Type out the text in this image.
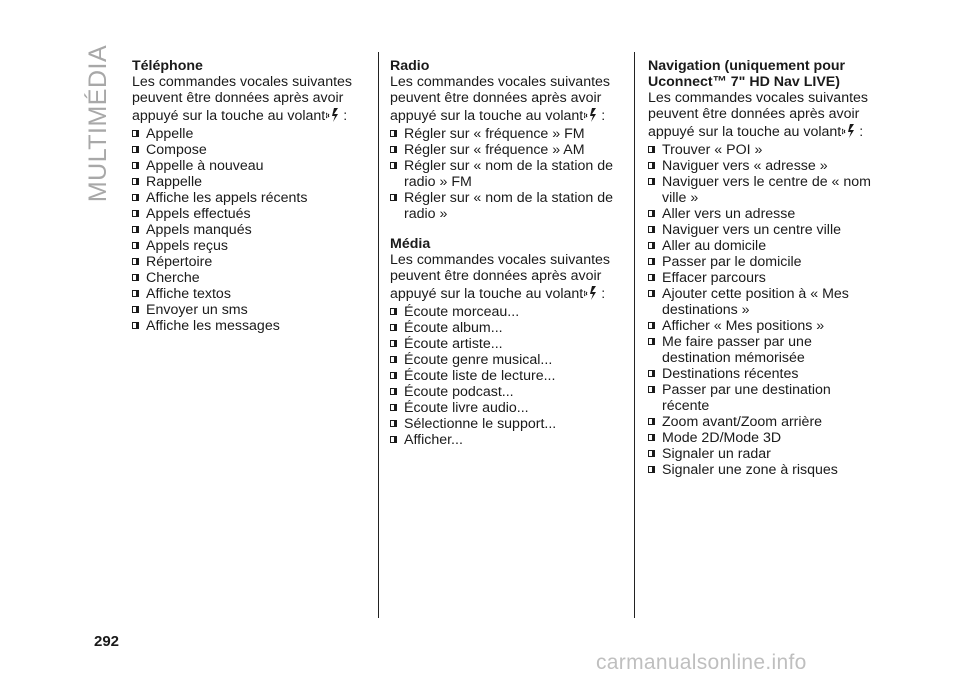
MULTIMÉDIA Téléphone

Les commandes vocales suivantes peuvent être données après avoir appuyé sur la touche au volant :

Appelle
Compose
Appelle à nouveau
Rappelle
Affiche les appels récents
Appels effectués
Appels manqués
Appels reçus
Répertoire
Cherche
Affiche textos
Envoyer un sms
Affiche les messages

Radio

Les commandes vocales suivantes peuvent être données après avoir appuyé sur la touche au volant :

Régler sur « fréquence » FM
Régler sur « fréquence » AM
Régler sur « nom de la station de radio » FM
Régler sur « nom de la station de radio »

Média

Les commandes vocales suivantes peuvent être données après avoir appuyé sur la touche au volant :

Écoute morceau...
Écoute album...
Écoute artiste...
Écoute genre musical...
Écoute liste de lecture...
Écoute podcast...
Écoute livre audio...
Sélectionne le support...
Afficher...

Navigation (uniquement pour Uconnect™ 7" HD Nav LIVE)

Les commandes vocales suivantes peuvent être données après avoir appuyé sur la touche au volant :

Trouver « POI »
Naviguer vers « adresse »
Naviguer vers le centre de « nom ville »
Aller vers un adresse
Naviguer vers un centre ville
Aller au domicile
Passer par le domicile
Effacer parcours
Ajouter cette position à « Mes destinations »
Afficher « Mes positions »
Me faire passer par une destination mémorisée
Destinations récentes
Passer par une destination récente
Zoom avant/Zoom arrière
Mode 2D/Mode 3D
Signaler un radar
Signaler une zone à risques
292
carmanualsonline.info
